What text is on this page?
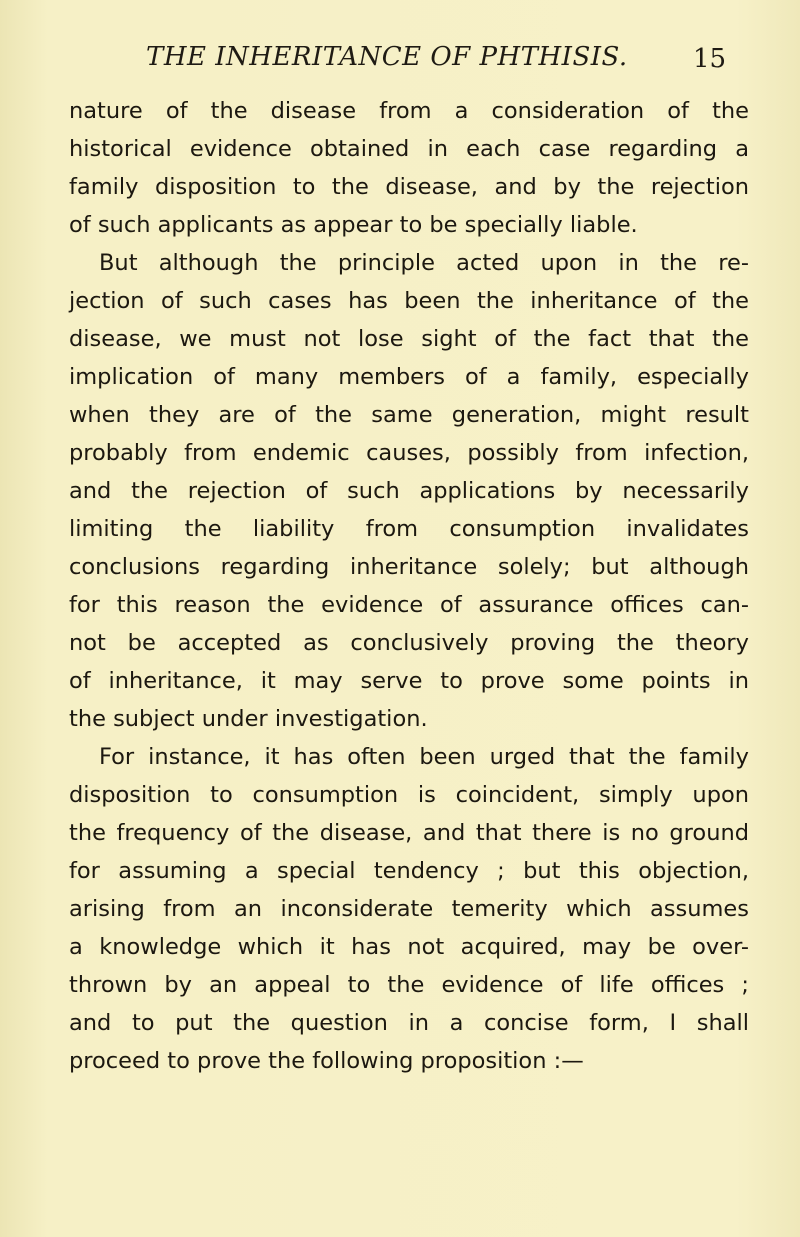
THE INHERITANCE OF PHTHISIS.	15
nature of the disease from a consideration of the
historical evidence obtained in each case regarding a
family disposition to the disease, and by the rejection
of such applicants as appear to be specially liable.
But although the principle acted upon in the re-
jection of such cases has been the inheritance of the
disease, we must not lose sight of the fact that the
implication of many members of a family, especially
when they are of the same generation, might result
probably from endemic causes, possibly from infection,
and the rejection of such applications by necessarily
limiting the liability from consumption invalidates
conclusions regarding inheritance solely; but although
for this reason the evidence of assurance offices can-
not be accepted as conclusively proving the theory
of inheritance, it may serve to prove some points in
the subject under investigation.
For instance, it has often been urged that the family
disposition to consumption is coincident, simply upon
the frequency of the disease, and that there is no ground
for assuming a special tendency ; but this objection,
arising from an inconsiderate temerity which assumes
a knowledge which it has not acquired, may be over-
thrown by an appeal to the evidence of life offices ;
and to put the question in a concise form, I shall
proceed to prove the following proposition :—
